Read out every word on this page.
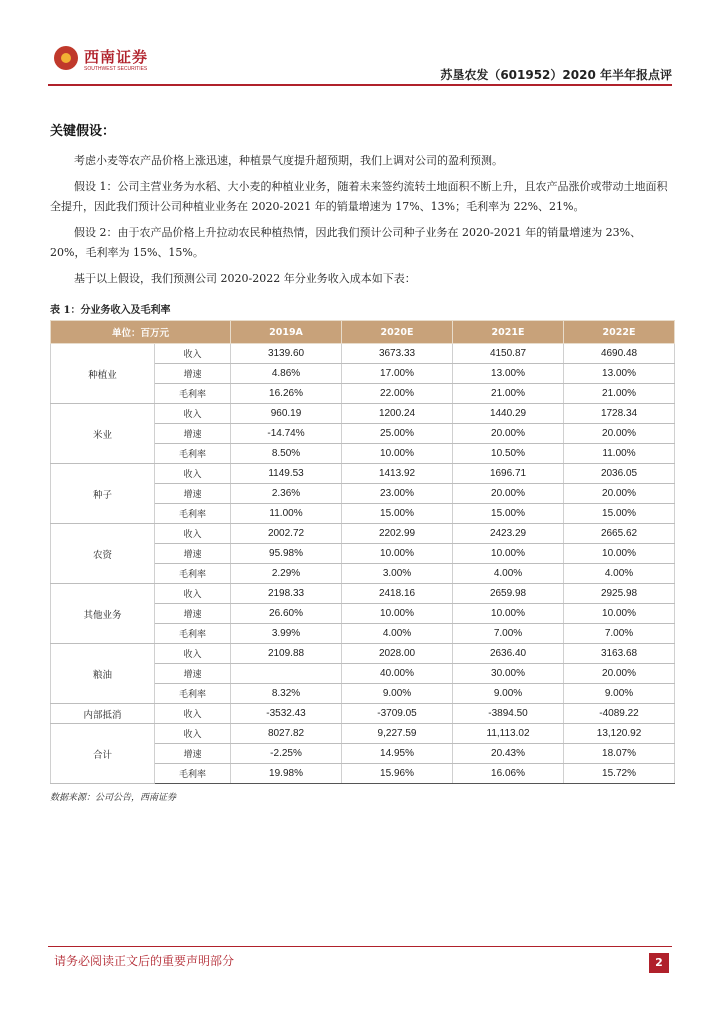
西南证券
SOUTHWEST SECURITIES	苏垦农发（601952）2020 年半年报点评
关键假设：

考虑小麦等农产品价格上涨迅速，种植景气度提升超预期，我们上调对公司的盈利预测。

假设 1：公司主营业务为水稻、大小麦的种植业业务，随着未来签约流转土地面积不断上升，且农产品涨价或带动土地面积全提升，因此我们预计公司种植业业务在 2020-2021 年的销量增速为 17%、13%；毛利率为 22%、21%。

假设 2：由于农产品价格上升拉动农民种植热情，因此我们预计公司种子业务在 2020-2021 年的销量增速为 23%、20%，毛利率为 15%、15%。

基于以上假设，我们预测公司 2020-2022 年分业务收入成本如下表：

表 1：分业务收入及毛利率
单位：百万元		2019A	2020E	2021E	2022E
种植业	收入	3139.60	3673.33	4150.87	4690.48
	增速	4.86%	17.00%	13.00%	13.00%
	毛利率	16.26%	22.00%	21.00%	21.00%
米业	收入	960.19	1200.24	1440.29	1728.34
	增速	-14.74%	25.00%	20.00%	20.00%
	毛利率	8.50%	10.00%	10.50%	11.00%
种子	收入	1149.53	1413.92	1696.71	2036.05
	增速	2.36%	23.00%	20.00%	20.00%
	毛利率	11.00%	15.00%	15.00%	15.00%
农资	收入	2002.72	2202.99	2423.29	2665.62
	增速	95.98%	10.00%	10.00%	10.00%
	毛利率	2.29%	3.00%	4.00%	4.00%
其他业务	收入	2198.33	2418.16	2659.98	2925.98
	增速	26.60%	10.00%	10.00%	10.00%
	毛利率	3.99%	4.00%	7.00%	7.00%
粮油	收入	2109.88	2028.00	2636.40	3163.68
	增速		40.00%	30.00%	20.00%
	毛利率	8.32%	9.00%	9.00%	9.00%
内部抵消	收入	-3532.43	-3709.05	-3894.50	-4089.22
合计	收入	8027.82	9,227.59	11,113.02	13,120.92
	增速	-2.25%	14.95%	20.43%	18.07%
	毛利率	19.98%	15.96%	16.06%	15.72%
数据来源：公司公告，西南证券
请务必阅读正文后的重要声明部分	2
